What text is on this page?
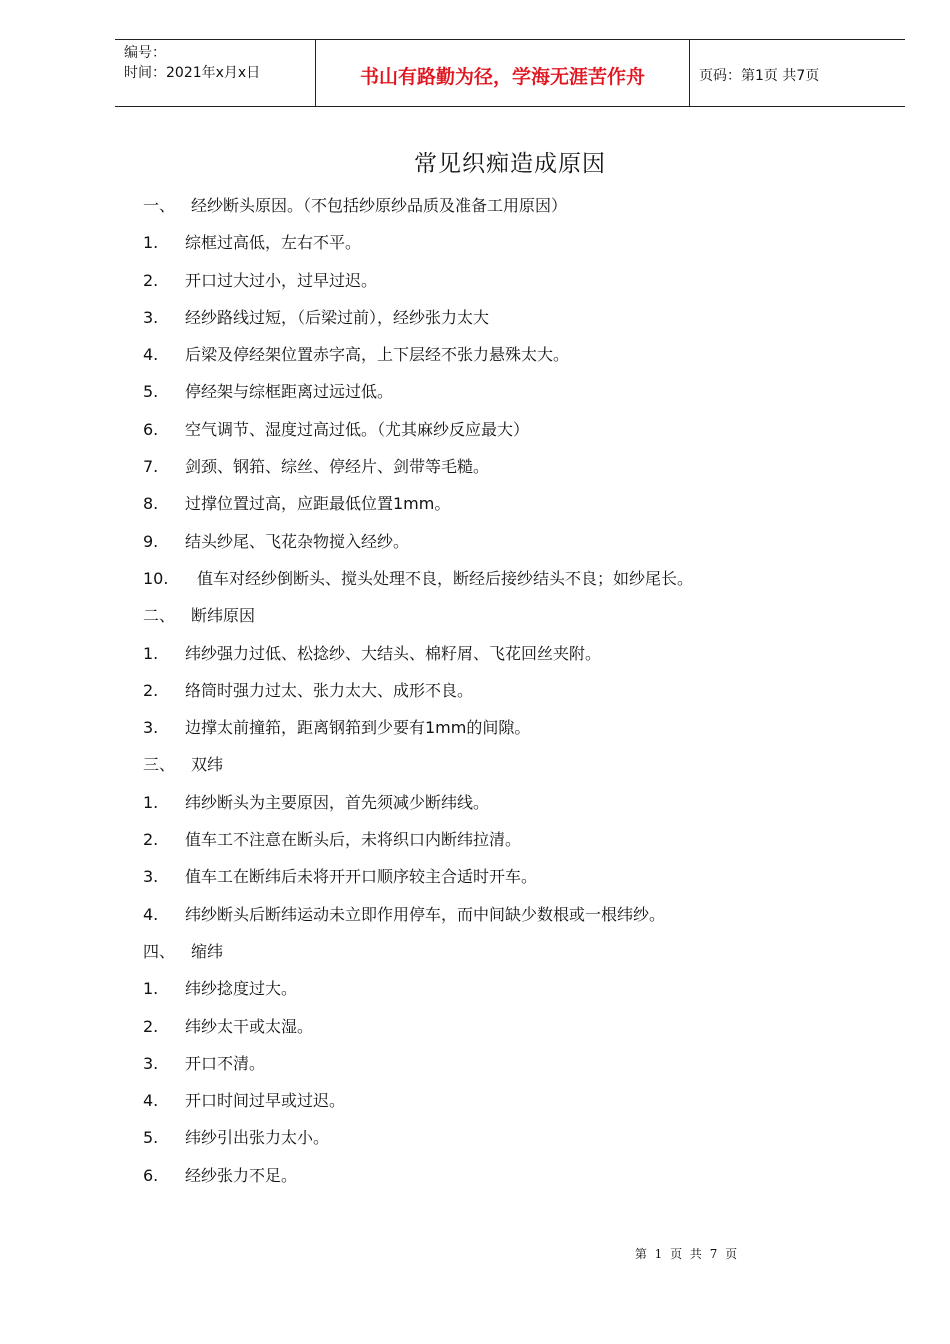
编号：
时间：2021年x月x日	书山有路勤为径，学海无涯苦作舟	页码：第1页 共7页
常见织痴造成原因
一、 经纱断头原因。（不包括纱原纱品质及准备工用原因）
1. 综框过高低，左右不平。
2. 开口过大过小，过早过迟。
3. 经纱路线过短，（后梁过前），经纱张力太大
4. 后梁及停经架位置赤字高，上下层经不张力悬殊太大。
5. 停经架与综框距离过远过低。
6. 空气调节、湿度过高过低。（尤其麻纱反应最大）
7. 剑颈、钢筘、综丝、停经片、剑带等毛糙。
8. 过撑位置过高，应距最低位置1mm。
9. 结头纱尾、飞花杂物搅入经纱。
10. 值车对经纱倒断头、搅头处理不良，断经后接纱结头不良；如纱尾长。
二、 断纬原因
1. 纬纱强力过低、松捻纱、大结头、棉籽屑、飞花回丝夹附。
2. 络筒时强力过太、张力太大、成形不良。
3. 边撑太前撞筘，距离钢筘到少要有1mm的间隙。
三、 双纬
1. 纬纱断头为主要原因，首先须减少断纬线。
2. 值车工不注意在断头后，未将织口内断纬拉清。
3. 值车工在断纬后未将开开口顺序较主合适时开车。
4. 纬纱断头后断纬运动未立即作用停车，而中间缺少数根或一根纬纱。
四、 缩纬
1. 纬纱捻度过大。
2. 纬纱太干或太湿。
3. 开口不清。
4. 开口时间过早或过迟。
5. 纬纱引出张力太小。
6. 经纱张力不足。
第 1 页 共 7 页
